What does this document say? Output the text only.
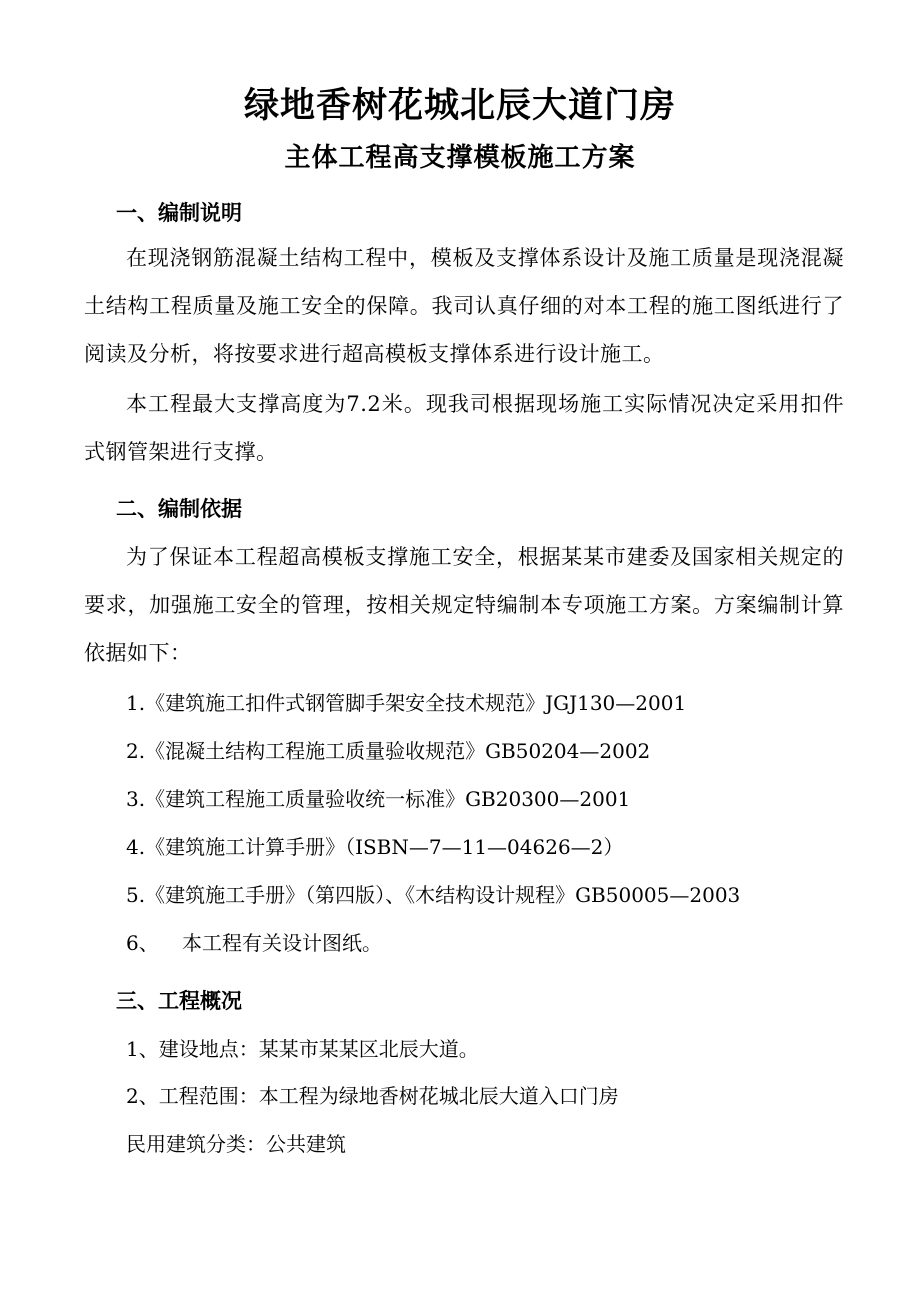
绿地香树花城北辰大道门房
主体工程高支撑模板施工方案
一、编制说明
在现浇钢筋混凝土结构工程中，模板及支撑体系设计及施工质量是现浇混凝土结构工程质量及施工安全的保障。我司认真仔细的对本工程的施工图纸进行了阅读及分析，将按要求进行超高模板支撑体系进行设计施工。
本工程最大支撑高度为7.2米。现我司根据现场施工实际情况决定采用扣件式钢管架进行支撑。
二、编制依据
为了保证本工程超高模板支撑施工安全，根据某某市建委及国家相关规定的要求，加强施工安全的管理，按相关规定特编制本专项施工方案。方案编制计算依据如下：
1.《建筑施工扣件式钢管脚手架安全技术规范》JGJ130—2001
2.《混凝土结构工程施工质量验收规范》GB50204—2002
3.《建筑工程施工质量验收统一标准》GB20300—2001
4.《建筑施工计算手册》（ISBN—7—11—04626—2）
5.《建筑施工手册》（第四版）、《木结构设计规程》GB50005—2003
6、 本工程有关设计图纸。
三、工程概况
1、建设地点：某某市某某区北辰大道。
2、工程范围：本工程为绿地香树花城北辰大道入口门房
民用建筑分类：公共建筑
